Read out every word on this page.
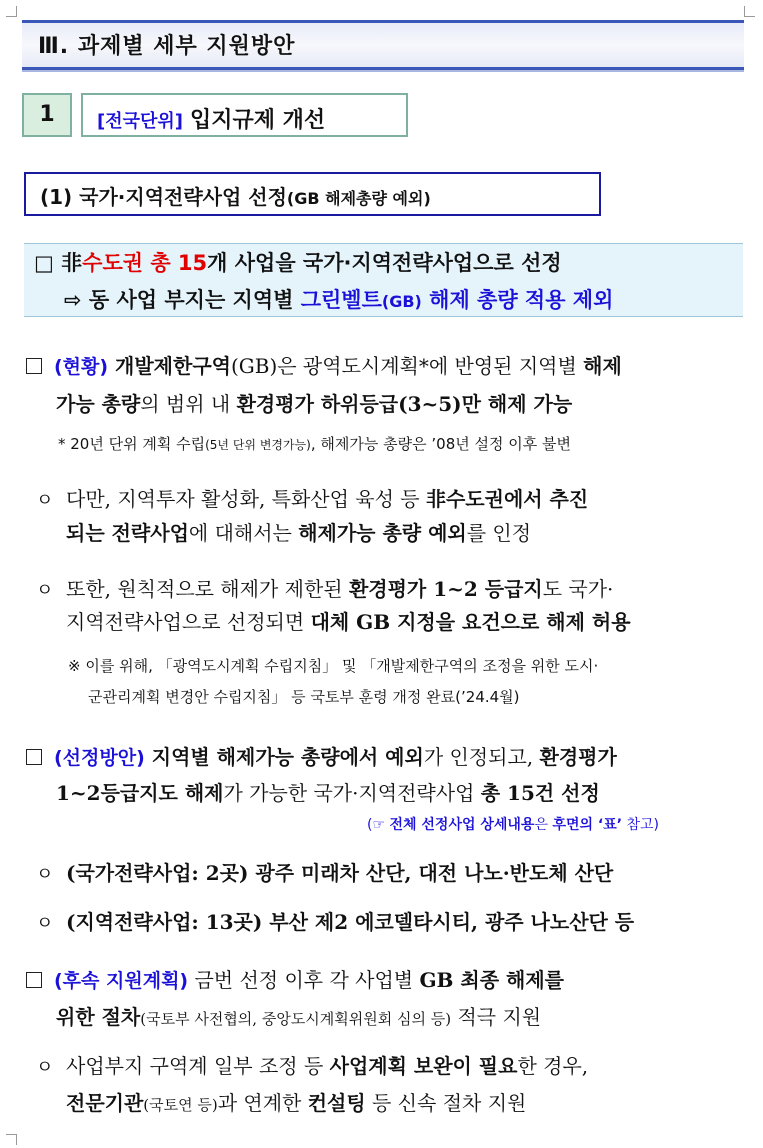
Ⅲ. 과제별 세부 지원방안
1	[전국단위] 입지규제 개선
(1) 국가·지역전략사업 선정(GB 해제총량 예외)
□ 非수도권 총 15개 사업을 국가·지역전략사업으로 선정
⇨ 동 사업 부지는 지역별 그린벨트(GB) 해제 총량 적용 제외
(현황) 개발제한구역(GB)은 광역도시계획*에 반영된 지역별 해제
가능 총량의 범위 내 환경평가 하위등급(3~5)만 해제 가능
* 20년 단위 계획 수립(5년 단위 변경가능), 해제가능 총량은 ’08년 설정 이후 불변
ㅇ 다만, 지역투자 활성화, 특화산업 육성 등 非수도권에서 추진
되는 전략사업에 대해서는 해제가능 총량 예외를 인정
ㅇ 또한, 원칙적으로 해제가 제한된 환경평가 1~2 등급지도 국가·
지역전략사업으로 선정되면 대체 GB 지정을 요건으로 해제 허용
※ 이를 위해, 「광역도시계획 수립지침」 및 「개발제한구역의 조정을 위한 도시·
군관리계획 변경안 수립지침」 등 국토부 훈령 개정 완료(’24.4월)
(선정방안) 지역별 해제가능 총량에서 예외가 인정되고, 환경평가
1~2등급지도 해제가 가능한 국가·지역전략사업 총 15건 선정
(☞ 전체 선정사업 상세내용은 후면의 ‘표’ 참고)
ㅇ (국가전략사업: 2곳) 광주 미래차 산단, 대전 나노·반도체 산단
ㅇ (지역전략사업: 13곳) 부산 제2 에코델타시티, 광주 나노산단 등
(후속 지원계획) 금번 선정 이후 각 사업별 GB 최종 해제를
위한 절차(국토부 사전협의, 중앙도시계획위원회 심의 등) 적극 지원
ㅇ 사업부지 구역계 일부 조정 등 사업계획 보완이 필요한 경우,
전문기관(국토연 등)과 연계한 컨설팅 등 신속 절차 지원
